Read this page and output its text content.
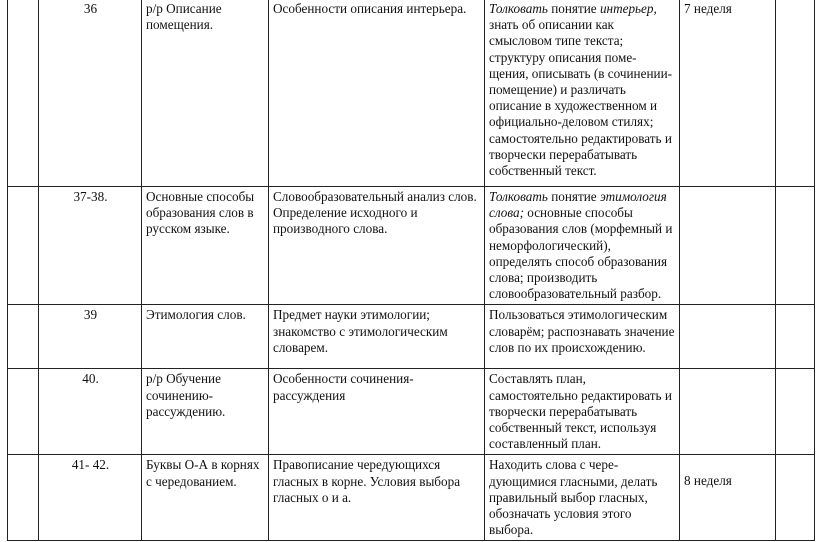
	36	р/р Описание помещения.	Особенности описания интерьера.	Толковать понятие интерьер, знать об описании как смысловом типе текста; структуру описания поме-щения, описывать (в сочинении- помещение) и различать описание в художественном и официально-деловом стилях; самостоятельно редактировать и творчески перерабатывать собственный текст.	7 неделя	
	37-38.	Основные способы образования слов в русском языке.	Словообразовательный анализ слов. Определение исходного и производного слова.	Толковать понятие этимология слова; основные способы образования слов (морфемный и неморфологический), определять способ образования слова; производить словообразовательный разбор.		
	39	Этимология слов.	Предмет науки этимологии; знакомство с этимологическим словарем.	Пользоваться этимологическим словарём; распознавать значение слов по их происхождению.		
	40.	р/р Обучение сочинению-рассуждению.	Особенности сочинения-рассуждения	Составлять план, самостоятельно редактировать и творчески перерабатывать собственный текст, используя составленный план.		
	41- 42.	Буквы О-А в корнях с чередованием.	Правописание чередующихся гласных в корне. Условия выбора гласных о и а.	Находить слова с чере-дующимися гласными, делать правильный выбор гласных, обозначать условия этого выбора.	8 неделя	
